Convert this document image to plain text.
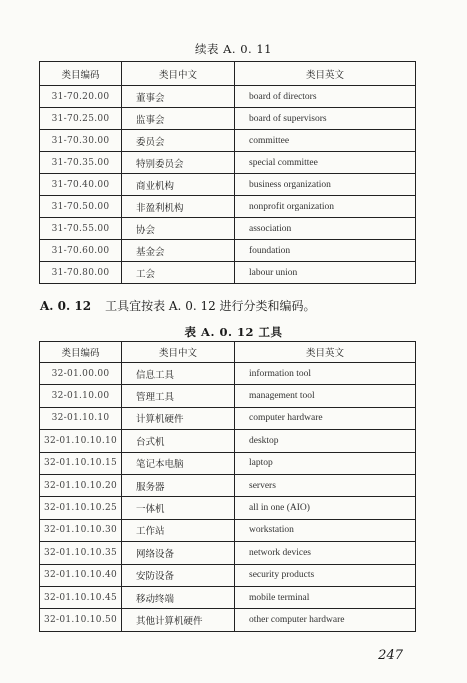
续表 A. 0. 11
类目编码	类目中文	类目英文
31-70.20.00	董事会	board of directors
31-70.25.00	监事会	board of supervisors
31-70.30.00	委员会	committee
31-70.35.00	特别委员会	special committee
31-70.40.00	商业机构	business organization
31-70.50.00	非盈利机构	nonprofit organization
31-70.55.00	协会	association
31-70.60.00	基金会	foundation
31-70.80.00	工会	labour union
A. 0. 12 工具宜按表 A. 0. 12 进行分类和编码。
表 A. 0. 12 工具
类目编码	类目中文	类目英文
32-01.00.00	信息工具	information tool
32-01.10.00	管理工具	management tool
32-01.10.10	计算机硬件	computer hardware
32-01.10.10.10	台式机	desktop
32-01.10.10.15	笔记本电脑	laptop
32-01.10.10.20	服务器	servers
32-01.10.10.25	一体机	all in one (AIO)
32-01.10.10.30	工作站	workstation
32-01.10.10.35	网络设备	network devices
32-01.10.10.40	安防设备	security products
32-01.10.10.45	移动终端	mobile terminal
32-01.10.10.50	其他计算机硬件	other computer hardware
247
